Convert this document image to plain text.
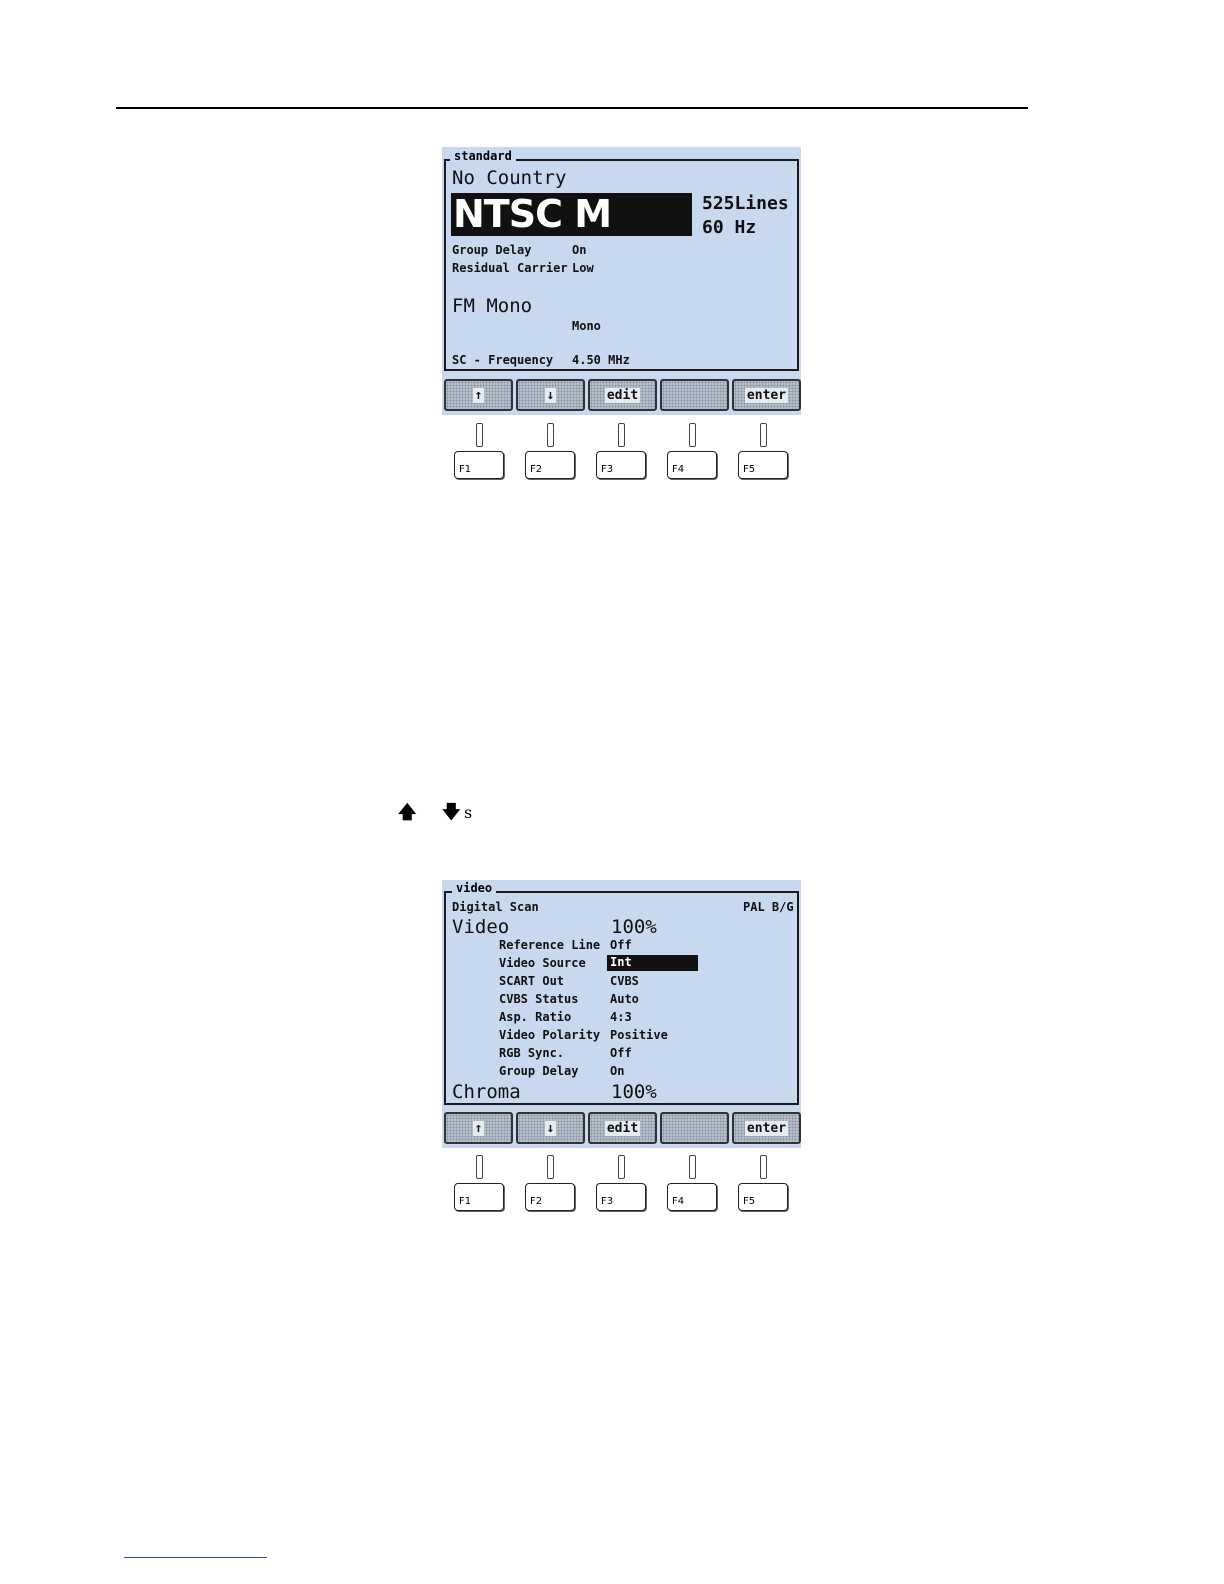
standard
No Country
NTSC M	525Lines
60 Hz
Group Delay	On
Residual Carrier Low
FM Mono
Mono
SC - Frequency 4.50 MHz
↑	↓	edit	enter
F1	F2	F3	F4	F5
🡅 🡇 s
video
Digital Scan	PAL B/G
Video	100%
Reference Line Off
Video Source Int
SCART Out	CVBS
CVBS Status	Auto
Asp. Ratio	4:3
Video Polarity Positive
RGB Sync.	Off
Group Delay	On
Chroma	100%
↑	↓	edit	enter
F1	F2	F3	F4	F5
